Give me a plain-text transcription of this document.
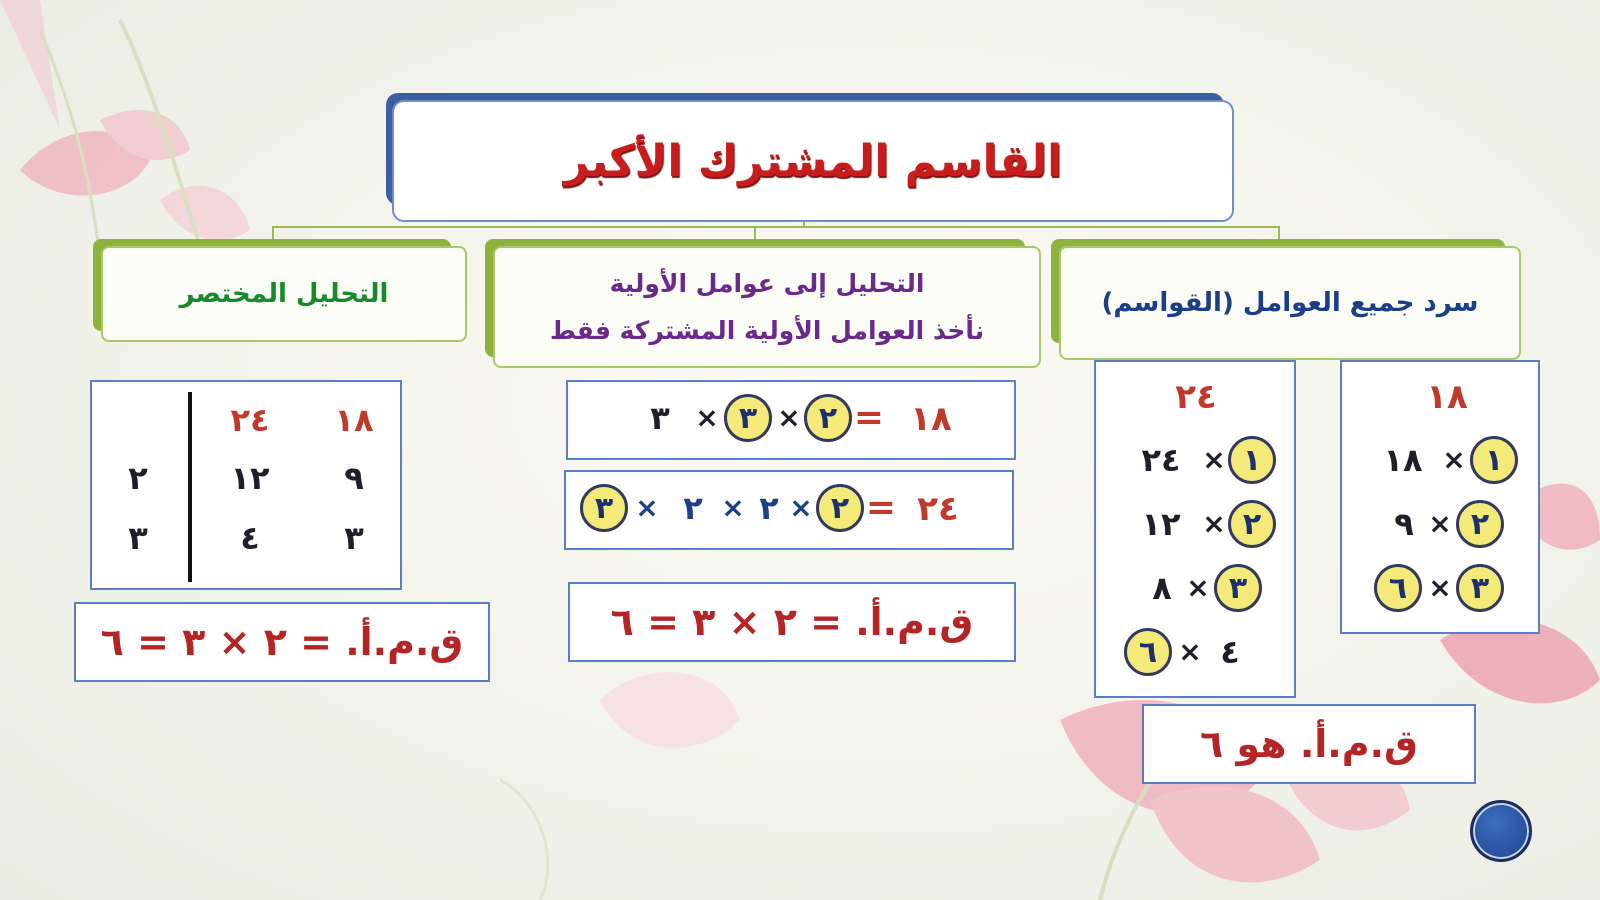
القاسم المشترك الأكبر
التحليل المختصر	التحليل إلى عوامل الأولية
نأخذ العوامل الأولية المشتركة فقط
سرد جميع العوامل (القواسم)
١٨
٢٤
٩
١٢
٢
٣
٤
٣
ق.م.أ. = ٢ × ٣ = ٦
١٨
=
٢
×
٣
×
٣
٢٤
=
٢
×
٢
×
٢
×
٣
ق.م.أ. = ٢ × ٣ = ٦
٢٤
١
×
٢٤
٢
×
١٢
٣
×
٨
٦ × ٤
١٨
١
×
١٨
٢
×
٩
٣
×
٦
ق.م.أ. هو ٦
